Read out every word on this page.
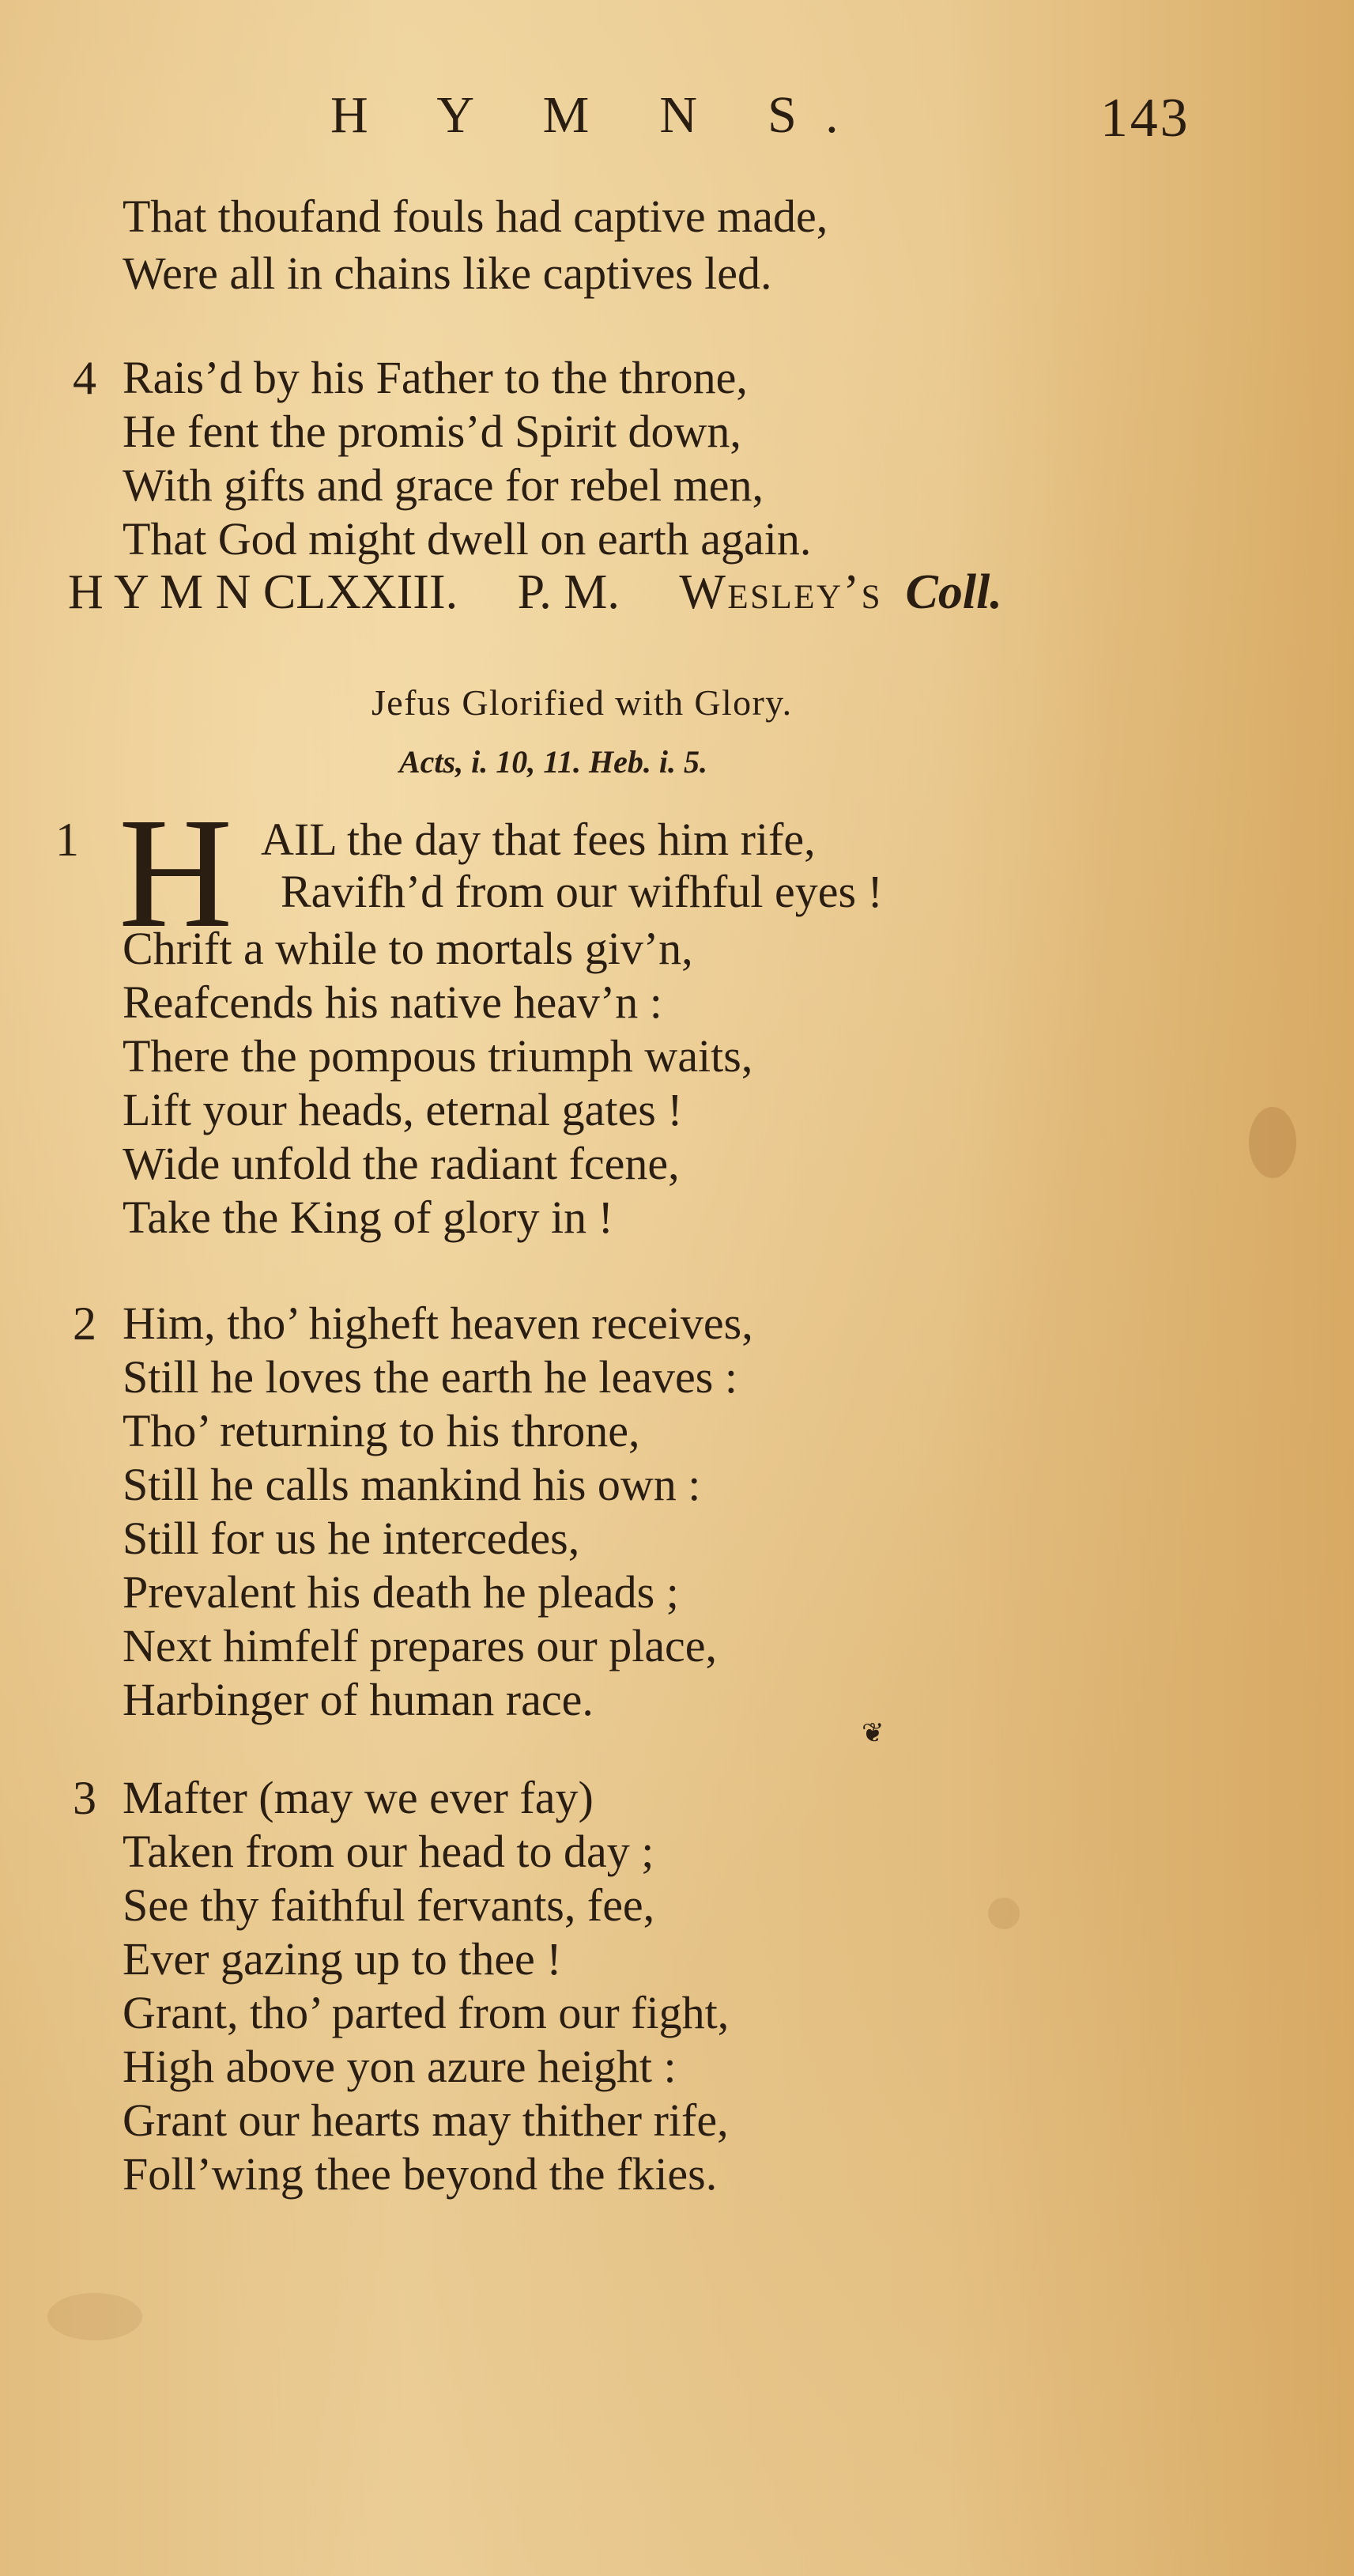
H Y M N S.	143
That thoufand fouls had captive made,
Were all in chains like captives led.
4 Rais’d by his Father to the throne,
He fent the promis’d Spirit down,
With gifts and grace for rebel men,
That God might dwell on earth again.
H Y M N CLXXIII. P. M. Wesley’s Coll.
Jefus Glorified with Glory.
Acts, i. 10, 11. Heb. i. 5.
1 H AIL the day that fees him rife,
Ravifh’d from our wifhful eyes !
Chrift a while to mortals giv’n,
Reafcends his native heav’n :
There the pompous triumph waits,
Lift your heads, eternal gates !
Wide unfold the radiant fcene,
Take the King of glory in !
2 Him, tho’ higheft heaven receives,
Still he loves the earth he leaves :
Tho’ returning to his throne,
Still he calls mankind his own :
Still for us he intercedes,
Prevalent his death he pleads ;
Next himfelf prepares our place,
Harbinger of human race.
❦
3 Mafter (may we ever fay)
Taken from our head to day ;
See thy faithful fervants, fee,
Ever gazing up to thee !
Grant, tho’ parted from our fight,
High above yon azure height :
Grant our hearts may thither rife,
Foll’wing thee beyond the fkies.
